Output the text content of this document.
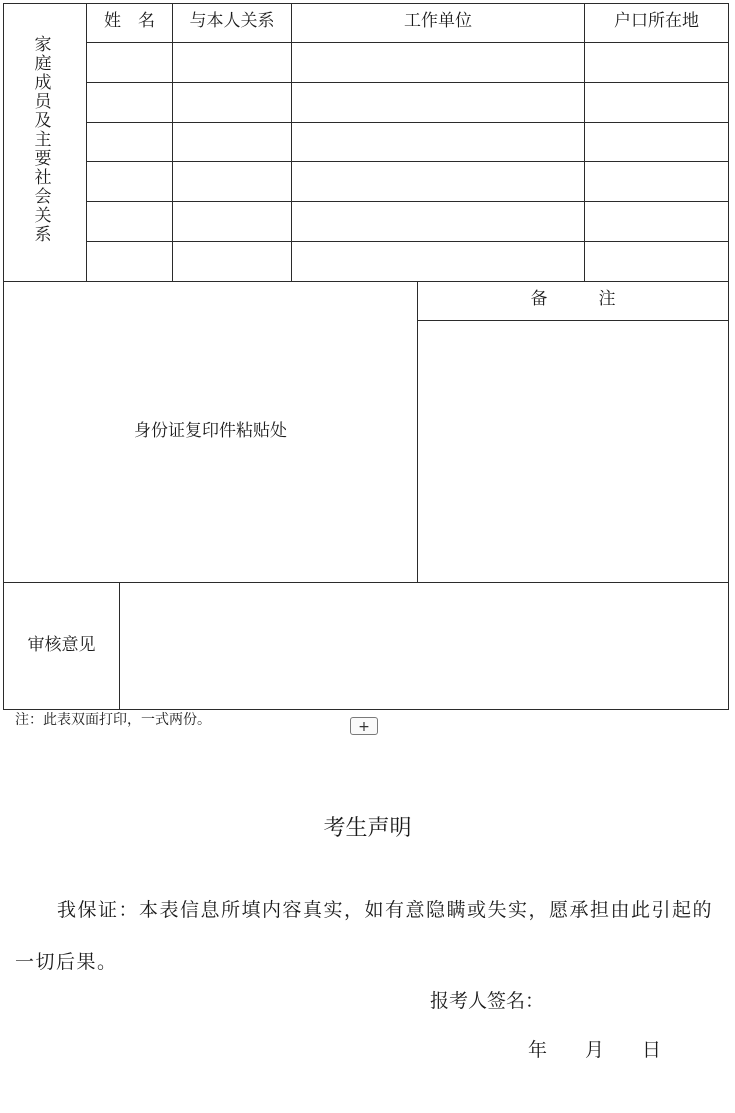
家庭成员及主要社会关系
姓　名	与本人关系	工作单位	户口所在地
身份证复印件粘贴处
备　　　注
审核意见
注：此表双面打印，一式两份。	+
考生声明
我保证：本表信息所填内容真实，如有意隐瞒或失实，愿承担由此引起的一切后果。
报考人签名：
年　　月　　日
